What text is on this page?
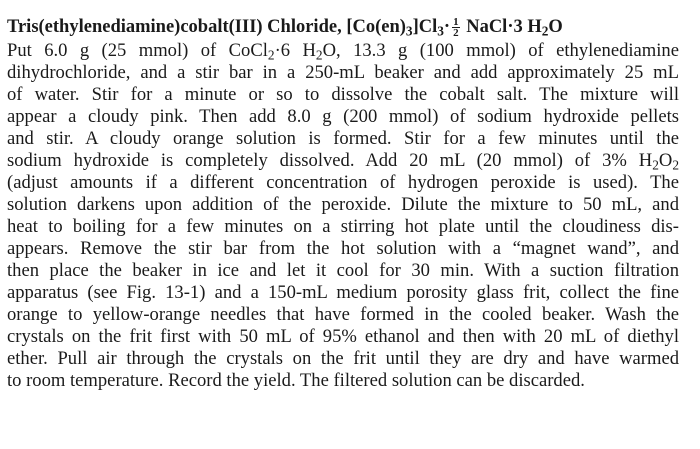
Tris(ethylenediamine)cobalt(III) Chloride, $[Co(en)_3]Cl_3\cdot \frac{1}{2}$ NaCl·3 $H_2O$
Put 6.0 g (25 mmol) of CoCl$_2$·6 $H_2O$, 13.3 g (100 mmol) of ethylenediamine
dihydrochloride, and a stir bar in a 250-mL beaker and add approximately 25 mL
of water. Stir for a minute or so to dissolve the cobalt salt. The mixture will
appear a cloudy pink. Then add 8.0 g (200 mmol) of sodium hydroxide pellets
and stir. A cloudy orange solution is formed. Stir for a few minutes until the
sodium hydroxide is completely dissolved. Add 20 mL (20 mmol) of 3% $H_2O_2$
(adjust amounts if a different concentration of hydrogen peroxide is used). The
solution darkens upon addition of the peroxide. Dilute the mixture to 50 mL, and
heat to boiling for a few minutes on a stirring hot plate until the cloudiness dis-
appears. Remove the stir bar from the hot solution with a “magnet wand”, and
then place the beaker in ice and let it cool for 30 min. With a suction filtration
apparatus (see Fig. 13-1) and a 150-mL medium porosity glass frit, collect the fine
orange to yellow-orange needles that have formed in the cooled beaker. Wash the
crystals on the frit first with 50 mL of 95% ethanol and then with 20 mL of diethyl
ether. Pull air through the crystals on the frit until they are dry and have warmed
to room temperature. Record the yield. The filtered solution can be discarded.
